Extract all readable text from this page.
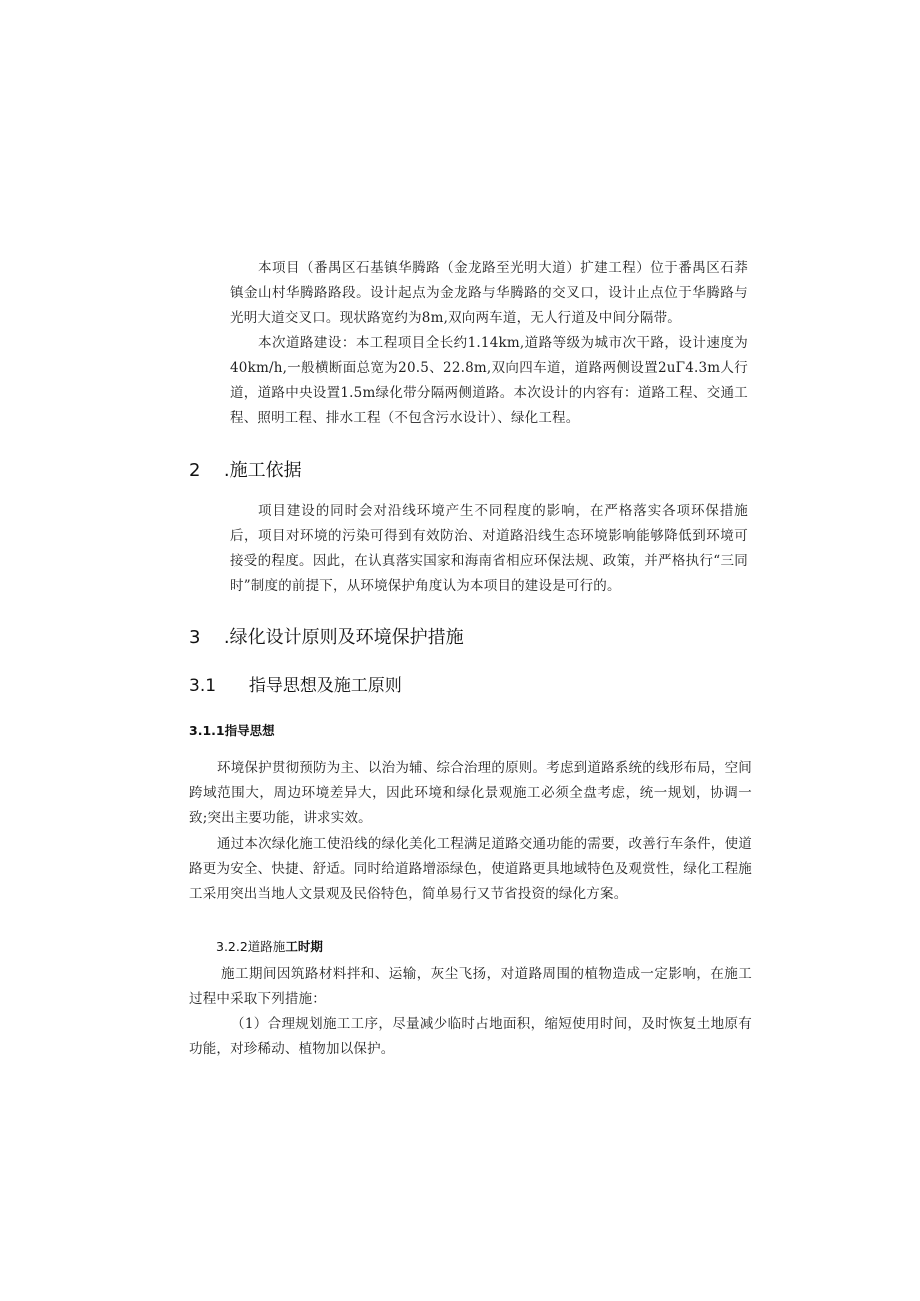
本项目（番禺区石基镇华腾路（金龙路至光明大道）扩建工程）位于番禺区石莽镇金山村华腾路路段。设计起点为金龙路与华腾路的交叉口，设计止点位于华腾路与光明大道交叉口。现状路宽约为8m,双向两车道，无人行道及中间分隔带。

本次道路建设：本工程项目全长约1.14km,道路等级为城市次干路，设计速度为40km/h,一般横断面总宽为20.5、22.8m,双向四车道，道路两侧设置2uΓ4.3m人行道，道路中央设置1.5m绿化带分隔两侧道路。本次设计的内容有：道路工程、交通工程、照明工程、排水工程（不包含污水设计）、绿化工程。

2 .施工依据

项目建设的同时会对沿线环境产生不同程度的影响，在严格落实各项环保措施后，项目对环境的污染可得到有效防治、对道路沿线生态环境影响能够降低到环境可接受的程度。因此，在认真落实国家和海南省相应环保法规、政策，并严格执行“三同时”制度的前提下，从环境保护角度认为本项目的建设是可行的。

3 .绿化设计原则及环境保护措施
3.1 指导思想及施工原则
3.1.1指导思想

环境保护贯彻预防为主、以治为辅、综合治理的原则。考虑到道路系统的线形布局，空间跨域范围大，周边环境差异大，因此环境和绿化景观施工必须全盘考虑，统一规划，协调一致;突出主要功能，讲求实效。

通过本次绿化施工使沿线的绿化美化工程满足道路交通功能的需要，改善行车条件，使道路更为安全、快捷、舒适。同时给道路增添绿色，使道路更具地域特色及观赏性，绿化工程施工采用突出当地人文景观及民俗特色，简单易行又节省投资的绿化方案。

3.2.2道路施工时期

施工期间因筑路材料拌和、运输，灰尘飞扬，对道路周围的植物造成一定影响，在施工过程中采取下列措施：

（1）合理规划施工工序，尽量减少临时占地面积，缩短使用时间，及时恢复土地原有功能，对珍稀动、植物加以保护。
